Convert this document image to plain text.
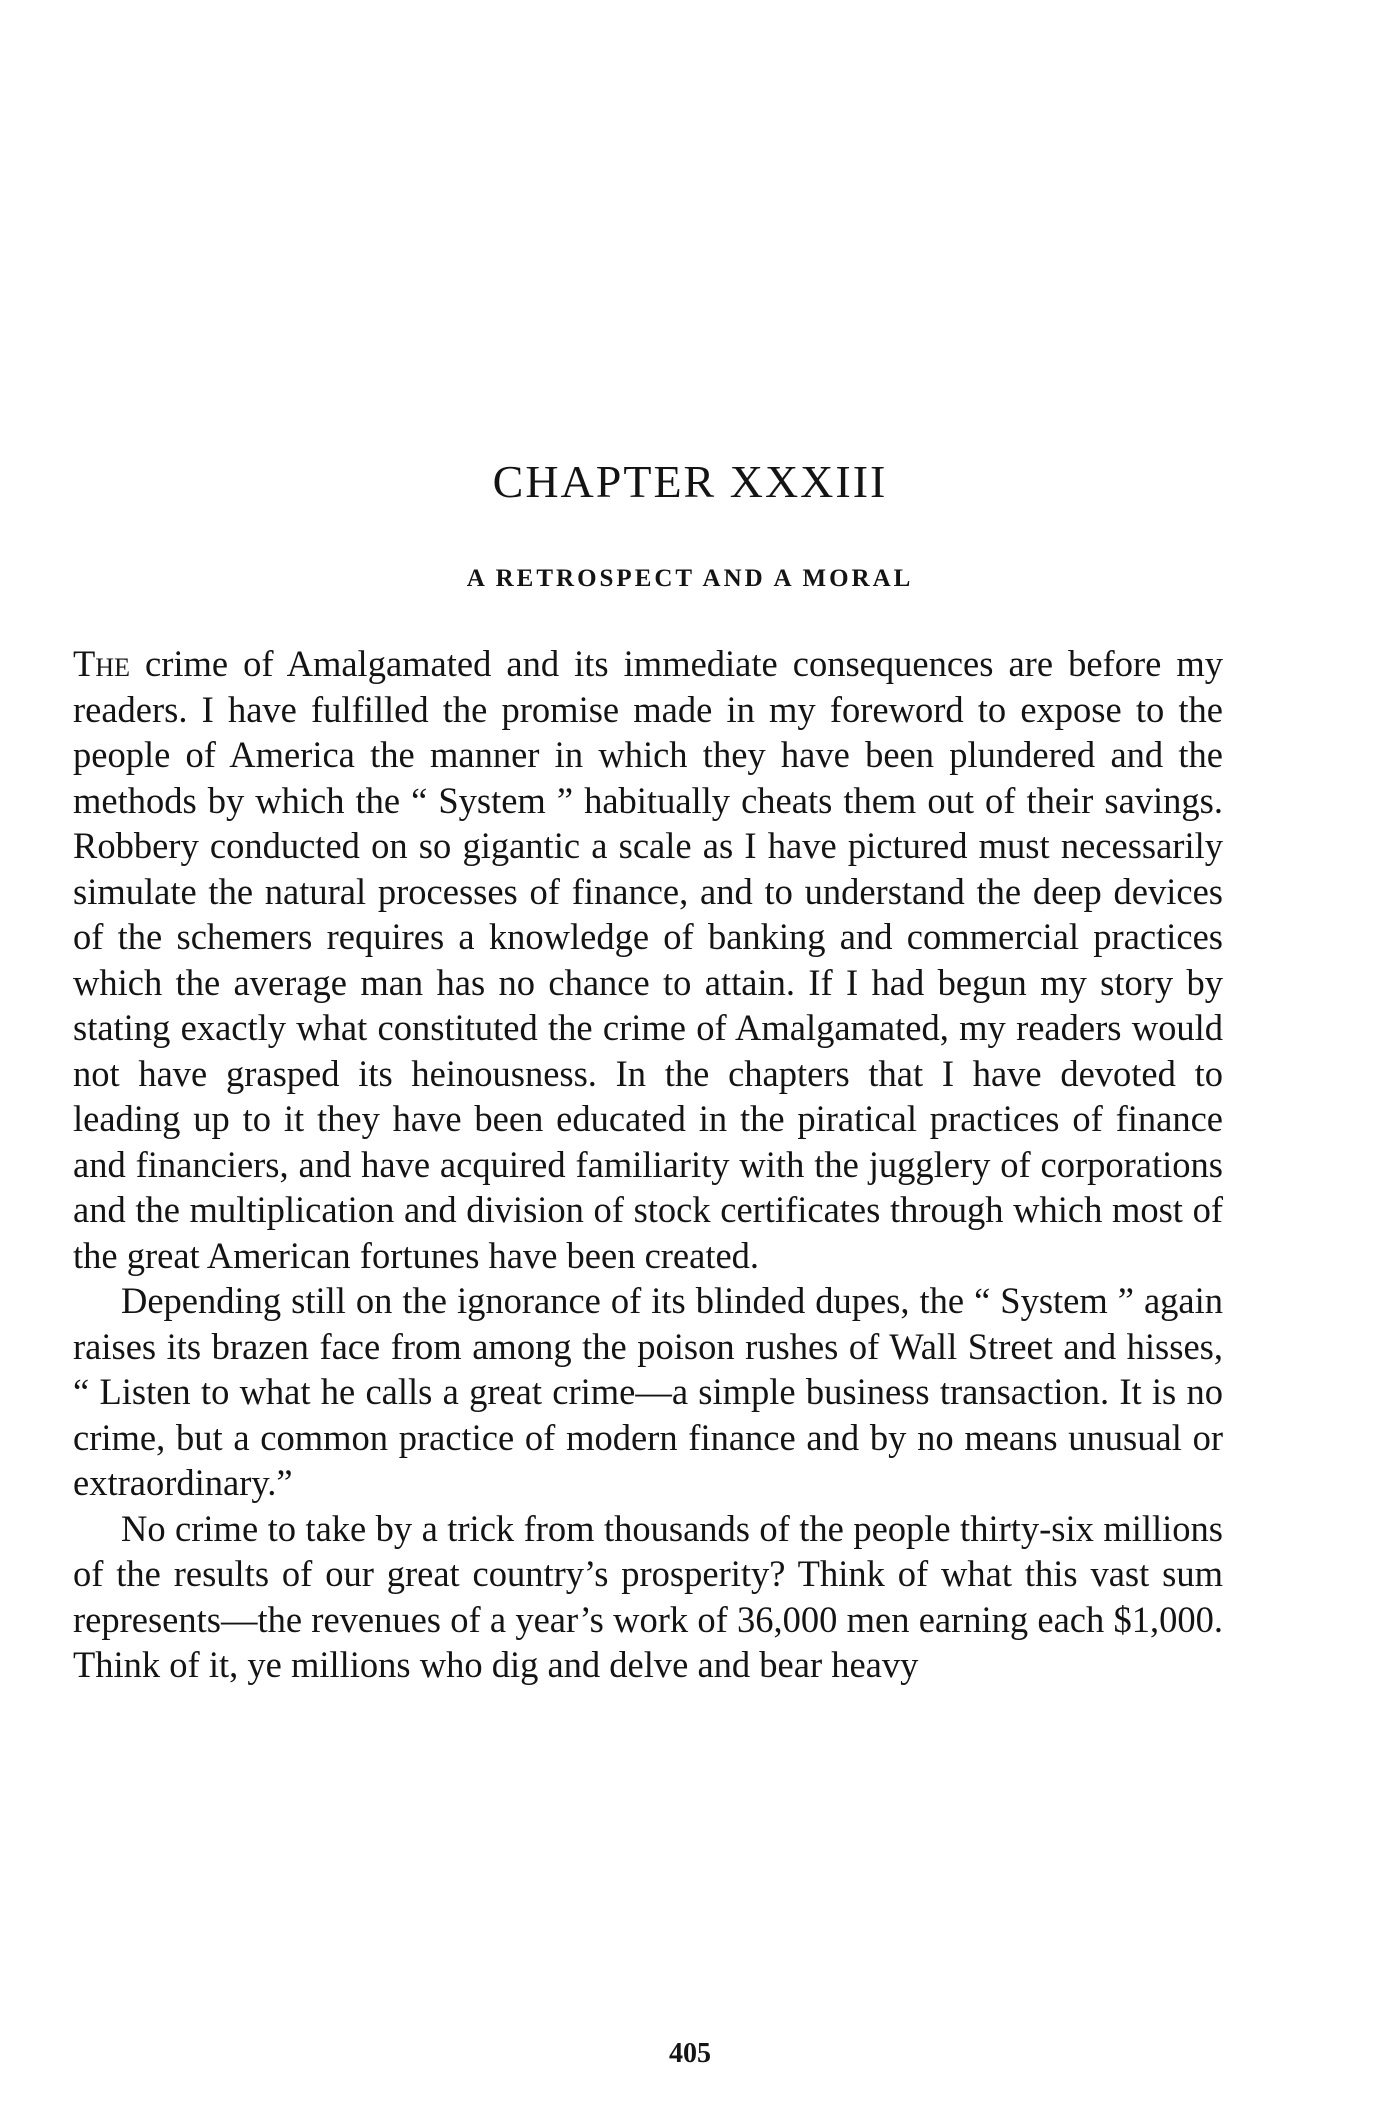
CHAPTER XXXIII
A RETROSPECT AND A MORAL

The crime of Amalgamated and its immediate consequences are before my readers. I have fulfilled the promise made in my foreword to expose to the people of America the manner in which they have been plundered and the methods by which the “ System ” habitually cheats them out of their savings. Robbery conducted on so gigantic a scale as I have pictured must necessarily simulate the natural processes of finance, and to understand the deep devices of the schemers requires a knowledge of banking and commercial practices which the average man has no chance to attain. If I had begun my story by stating exactly what constituted the crime of Amalgamated, my readers would not have grasped its heinousness. In the chapters that I have devoted to leading up to it they have been educated in the piratical practices of finance and financiers, and have acquired familiarity with the jugglery of corporations and the multiplication and division of stock certificates through which most of the great American fortunes have been created.

Depending still on the ignorance of its blinded dupes, the “ System ” again raises its brazen face from among the poison rushes of Wall Street and hisses, “ Listen to what he calls a great crime—a simple business transaction. It is no crime, but a common practice of modern finance and by no means unusual or extraordinary.”

No crime to take by a trick from thousands of the people thirty-six millions of the results of our great country’s prosperity? Think of what this vast sum represents—the revenues of a year’s work of 36,000 men earning each $1,000. Think of it, ye millions who dig and delve and bear heavy

405
